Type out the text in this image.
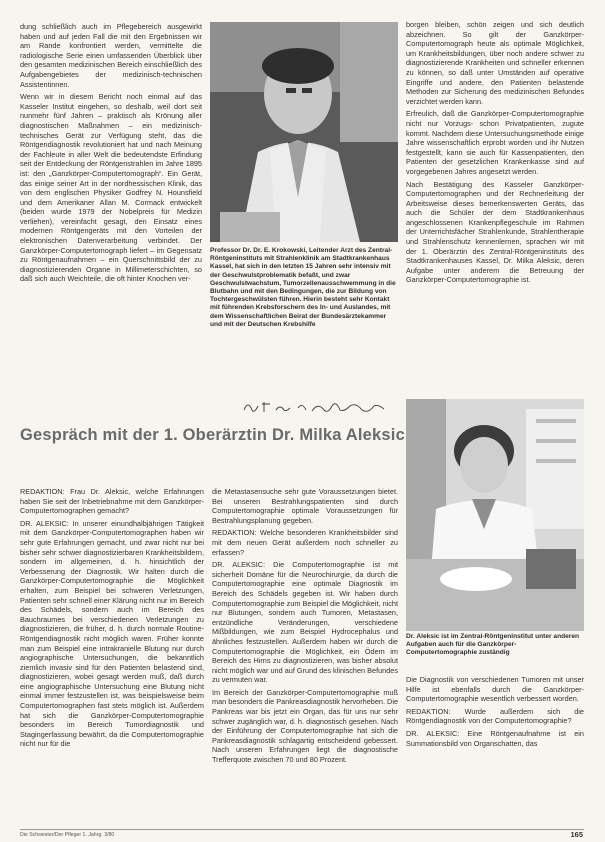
dung schließlich auch im Pflegebereich ausgewirkt haben und auf jeden Fall die mit den Ergebnissen wir am Rande konfrontiert werden, vermittelte die radiologische Serie einen umfassenden Überblick über den gesamten medizinischen Bereich einschließlich des Aufgabengebietes der medizinisch-technischen Assistentinnen.

Wenn wir in diesem Bericht noch einmal auf das Kasseler Institut eingehen, so deshalb, weil dort seit nunmehr fünf Jahren – praktisch als Krönung aller diagnostischen Maßnahmen – ein medizinisch-technisches Gerät zur Verfügung steht, das die Röntgendiagnostik revolutioniert hat und nach Meinung der Fachleute in aller Welt die bedeutendste Erfindung seit der Entdeckung der Röntgenstrahlen im Jahre 1895 ist: den „Ganzkörper-Computertomograph“. Ein Gerät, das einige seiner Art in der nordhessischen Klinik, das von dem englischen Physiker Godfrey N. Hounsfield und dem Amerikaner Allan M. Cormack entwickelt (beiden wurde 1979 der Nobelpreis für Medizin verliehen), vereinfacht gesagt, den Einsatz eines modernen Röntgengeräts mit den Vorteilen der elektronischen Datenverarbeitung verbindet. Der Ganzkörper-Computertomograph liefert – im Gegensatz zu Röntgenaufnahmen – ein Querschnittsbild der zu diagnostizierenden Organe in Millimeterschichten, so daß sich auch Weichteile, die oft hinter Knochen ver-

Professor Dr. Dr. E. Krokowski, Leitender Arzt des Zentral-Röntgeninstituts mit Strahlenklinik am Stadtkrankenhaus Kassel, hat sich in den letzten 15 Jahren sehr intensiv mit der Geschwulstproblematik befaßt, und zwar Geschwulstwachstum, Tumorzellenausschwemmung in die Blutbahn und mit den Bedingungen, die zur Bildung von Tochtergeschwülsten führen. Hierin besteht sehr Kontakt mit führenden Krebsforschern des In- und Auslandes, mit dem Wissenschaftlichen Beirat der Bundesärztekammer und mit der Deutschen Krebshilfe

borgen bleiben, schön zeigen und sich deutlich abzeichnen. So gilt der Ganzkörper-Computertomograph heute als optimale Möglichkeit, um Krankheitsbildungen, über noch andere schwer zu diagnostizierende Krankheiten und schneller erkennen zu können, so daß unter Umständen auf operative Eingriffe und andere, den Patienten belastende Methoden zur Sicherung des medizinischen Befundes verzichtet werden kann.

Erfreulich, daß die Ganzkörper-Computertomographie nicht nur Vorzugs- schon Privatpatienten, zugute kommt. Nachdem diese Untersuchungsmethode einige Jahre wissenschaftlich erprobt worden und ihr Nutzen festgestellt, kann sie auch für Kassenpatienten, den Patienten der gesetzlichen Krankenkasse sind auf vorgegebenen Jahres angesetzt werden.

Nach Bestätigung des Kasseler Ganzkörper-Computertomographen und der Rechnerleitung der Arbeitsweise dieses bemerkenswerten Geräts, das auch die Schüler der dem Stadtkrankenhaus angeschlossenen Krankenpflegeschule im Rahmen der Unterrichtsfächer Strahlenkunde, Strahlentherapie und Strahlenschutz kennenlernen, sprachen wir mit der 1. Oberärztin des Zentral-Röntgeninstituts des Stadtkrankenhauses Kassel, Dr. Milka Aleksic, deren Aufgabe unter anderem die Betreuung der Ganzkörper-Computertomographie ist.

Gespräch mit der 1. Oberärztin Dr. Milka Aleksic

REDAKTION: Frau Dr. Aleksic, welche Erfahrungen haben Sie seit der Inbetriebnahme mit dem Ganzkörper-Computertomographen gemacht?

DR. ALEKSIC: In unserer einundhalbjährigen Tätigkeit mit dem Ganzkörper-Computertomographen haben wir sehr gute Erfahrungen gemacht, und zwar nicht nur bei bisher sehr schwer diagnostizierbaren Krankheitsbildern, sondern im allgemeinen, d. h. hinsichtlich der Verbesserung der Diagnostik. Wir halten durch die Ganzkörper-Computertomographie die Möglichkeit erhalten, zum Beispiel bei schweren Verletzungen, Patienten sehr schnell einer Klärung nicht nur im Bereich des Schädels, sondern auch im Bereich des Bauchraumes bei verschiedenen Verletzungen zu diagnostizieren, die früher, d. h. durch normale Routine-Röntgendiagnostik nicht möglich waren. Früher konnte man zum Beispiel eine intrakranielle Blutung nur durch angiographische Untersuchungen, die bekanntlich ziemlich invasiv sind für den Patienten belastend sind, diagnostizieren, wobei gesagt werden muß, daß durch eine angiographische Untersuchung eine Blutung nicht einmal immer festzustellen ist, was beispielsweise beim Computertomographen fast stets möglich ist. Außerdem hat sich die Ganzkörper-Computertomographie besonders im Bereich Tumordiagnostik und Stagingerfassung bewährt, da die Computertomographie nicht nur für die

die Metastasensuche sehr gute Voraussetzungen bietet. Bei unseren Bestrahlungspatienten sind durch Computertomographie optimale Voraussetzungen für Bestrahlungsplanung gegeben.

REDAKTION: Welche besonderen Krankheitsbilder sind mit dem neuen Gerät außerdem noch schneller zu erfassen?

DR. ALEKSIC: Die Computertomographie ist mit sicherheit Domäne für die Neurochirurgie, da durch die Computertomographie eine optimale Diagnostik im Bereich des Schädels gegeben ist. Wir haben durch Computertomographie zum Beispiel die Möglichkeit, nicht nur Blutungen, sondern auch Tumoren, Metastasen, entzündliche Veränderungen, verschiedene Mißbildungen, wie zum Beispiel Hydrocephalus und ähnliches festzustellen. Außerdem haben wir durch die Computertomographie die Möglichkeit, ein Ödem im Bereich des Hirns zu diagnostizieren, was bisher absolut nicht möglich war und auf Grund des klinischen Befundes zu vermuten war.

Im Bereich der Ganzkörper-Computertomographie muß man besonders die Pankreasdiagnostik hervorheben. Die Pankreas war bis jetzt ein Organ, das für uns nur sehr schwer zugänglich war, d. h. diagnostisch gesehen. Nach der Einführung der Computertomographie hat sich die Pankreasdiagnostik schlagartig entscheidend gebessert. Nach unseren Erfahrungen liegt die diagnostische Trefferquote zwischen 70 und 80 Prozent.

Dr. Aleksic ist im Zentral-Röntgeninstitut unter anderen Aufgaben auch für die Ganzkörper-Computertomographie zuständig

Die Diagnostik von verschiedenen Tumoren mit unser Hilfe ist ebenfalls durch die Ganzkörper-Computertomographie wesentlich verbessert worden.

REDAKTION: Wurde außerdem sich die Röntgendiagnostik von der Computertomographie?

DR. ALEKSIC: Eine Röntgenaufnahme ist ein Summationsbild von Organschatten, das

Die Schwester/Der Pfleger 1. Jahrg. 3/80	165
